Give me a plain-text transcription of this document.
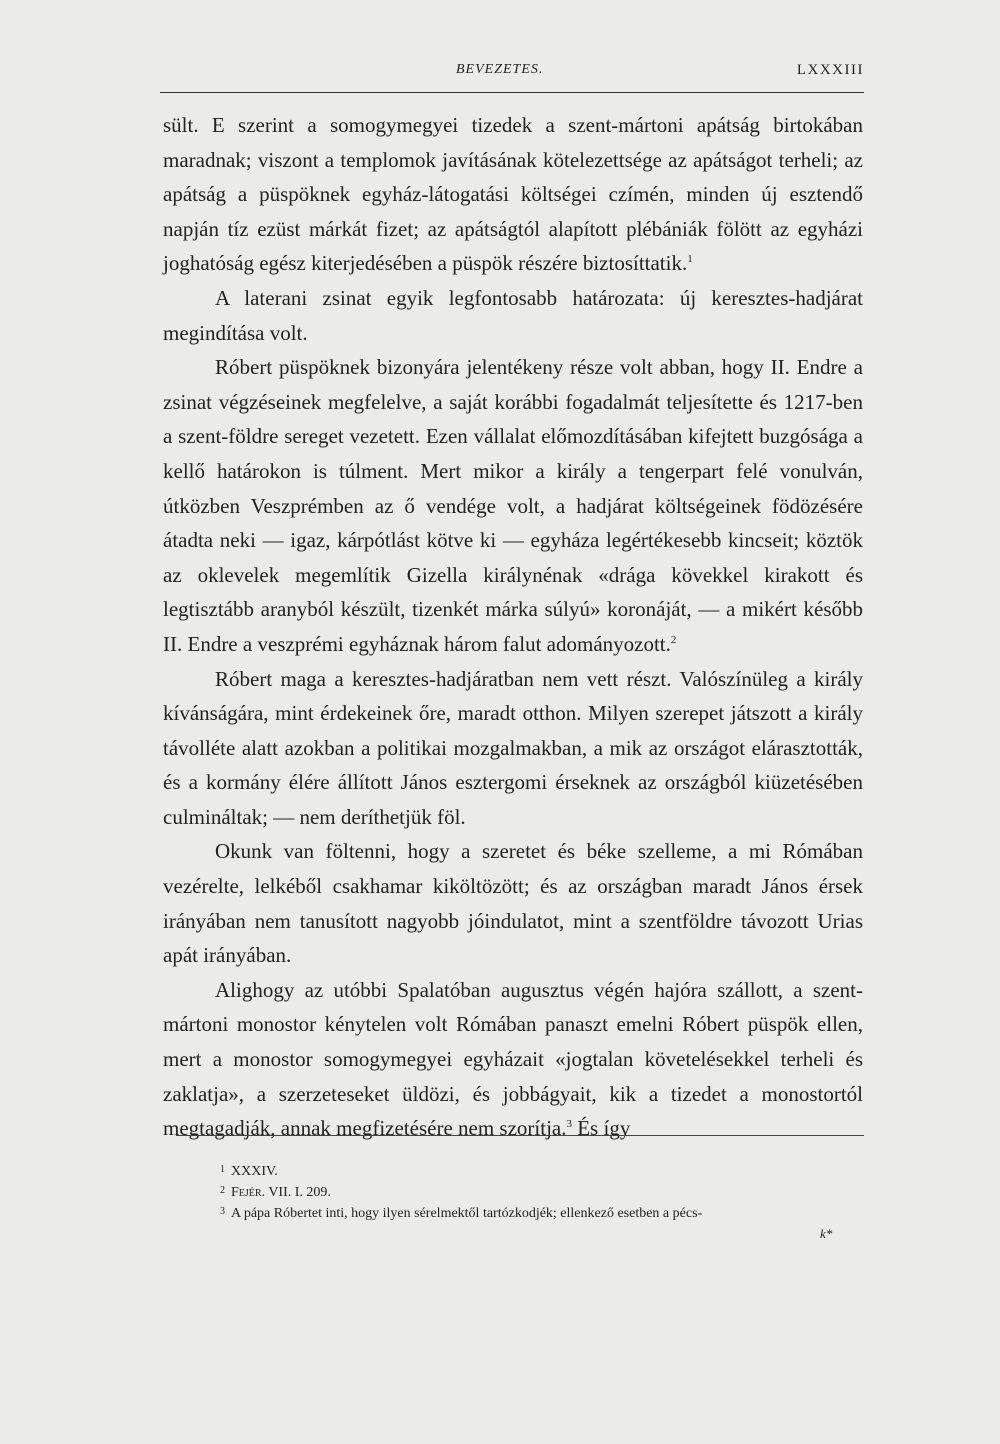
BEVEZETES.	LXXXIII

sült. E szerint a somogymegyei tizedek a szent-mártoni apátság birtokában maradnak; viszont a templomok javításának kötelezettsége az apátságot terheli; az apátság a püspöknek egyház-látogatási költségei czímén, minden új esztendő napján tíz ezüst márkát fizet; az apátságtól alapított plébániák fölött az egyházi joghatóság egész kiterjedésében a püspök részére biztosíttatik.$^1$

A laterani zsinat egyik legfontosabb határozata: új keresztes-hadjárat megindítása volt.

Róbert püspöknek bizonyára jelentékeny része volt abban, hogy II. Endre a zsinat végzéseinek megfelelve, a saját korábbi fogadalmát teljesítette és 1217-ben a szent-földre sereget vezetett. Ezen vállalat előmozdításában kifejtett buzgósága a kellő határokon is túlment. Mert mikor a király a tengerpart felé vonulván, útközben Veszprémben az ő vendége volt, a hadjárat költségeinek födözésére átadta neki — igaz, kárpótlást kötve ki — egyháza legértékesebb kincseit; köztök az oklevelek megemlítik Gizella királynénak «drága kövekkel kirakott és legtisztább aranyból készült, tizenkét márka súlyú» koronáját, — a mikért később II. Endre a veszprémi egyháznak három falut adományozott.$^2$

Róbert maga a keresztes-hadjáratban nem vett részt. Valószínüleg a király kívánságára, mint érdekeinek őre, maradt otthon. Milyen szerepet játszott a király távolléte alatt azokban a politikai mozgalmakban, a mik az országot elárasztották, és a kormány élére állított János esztergomi érseknek az országból kiüzetésében culmináltak; — nem deríthetjük föl.

Okunk van föltenni, hogy a szeretet és béke szelleme, a mi Rómában vezérelte, lelkéből csakhamar kiköltözött; és az országban maradt János érsek irányában nem tanusított nagyobb jóindulatot, mint a szentföldre távozott Urias apát irányában.

Alighogy az utóbbi Spalatóban augusztus végén hajóra szállott, a szent-mártoni monostor kénytelen volt Rómában panaszt emelni Róbert püspök ellen, mert a monostor somogymegyei egyházait «jogtalan követelésekkel terheli és zaklatja», a szerzeteseket üldözi, és jobbágyait, kik a tizedet a monostortól megtagadják, annak megfizetésére nem szorítja.$^3$ És így

$^1$ XXXIV.

$^2$ Fejér. VII. I. 209.

$^3$ A pápa Róbertet inti, hogy ilyen sérelmektől tartózkodjék; ellenkező esetben a pécs-

k*
